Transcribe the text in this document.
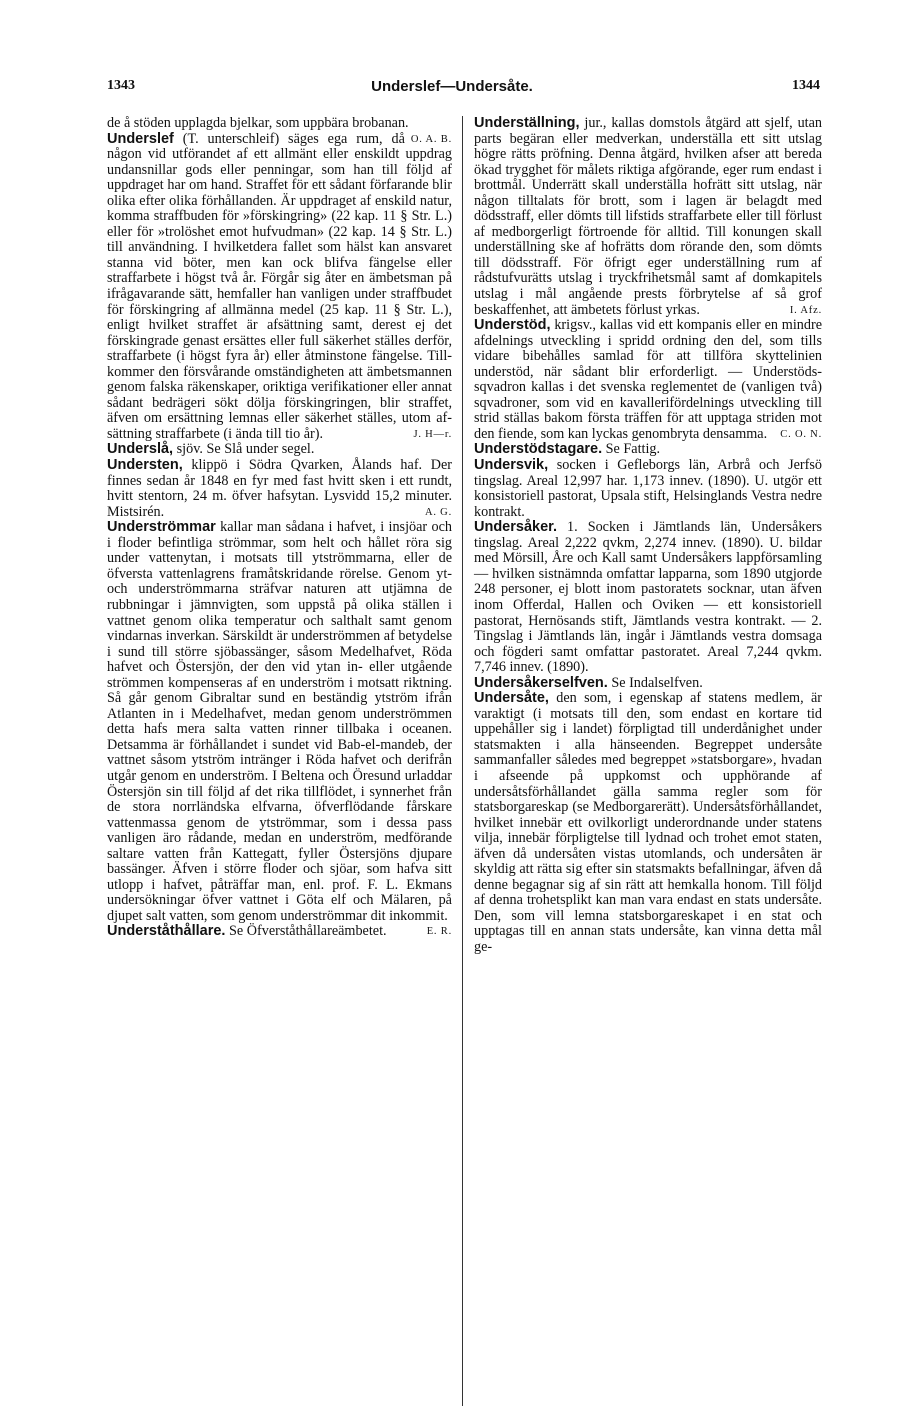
1343	Underslef—Undersåte.	1344

de å stöden upplagda bjelkar, som uppbära brobanan.
O. A. B.

Underslef (T. unterschleif) säges ega rum, då någon vid utförandet af ett allmänt eller enskildt uppdrag undansnillar gods eller penningar, som han till följd af uppdraget har om hand. Straffet för ett sådant förfarande blir olika efter olika förhållanden. Är uppdraget af enskild natur, komma straffbuden för »förskingring» (22 kap. 11 § Str. L.) eller för »trolöshet emot hufvudman» (22 kap. 14 § Str. L.) till användning. I hvilketdera fallet som hälst kan ansvaret stanna vid böter, men kan ock blifva fängelse eller straffarbete i högst två år. Förgår sig åter en ämbetsman på ifrågavarande sätt, hemfaller han vanligen under straffbudet för förskingring af allmänna medel (25 kap. 11 § Str. L.), enligt hvilket straffet är afsättning samt, derest ej det förskingrade genast ersättes eller full säkerhet ställes derför, straffarbete (i högst fyra år) eller åtminstone fängelse. Tillkommer den försvårande omständigheten att ämbetsmannen genom falska räkenskaper, oriktiga verifikationer eller annat sådant bedrägeri sökt dölja förskingringen, blir straffet, äfven om ersättning lemnas eller säkerhet ställes, utom afsättning straffarbete (i ända till tio år).	J. H—r.

Underslå, sjöv. Se Slå under segel.

Understen, klippö i Södra Qvarken, Ålands haf. Der finnes sedan år 1848 en fyr med fast hvitt sken i ett rundt, hvitt stentorn, 24 m. öfver hafsytan. Lysvidd 15,2 minuter. Mistsirén.	A. G.

Underströmmar kallar man sådana i hafvet, i insjöar och i floder befintliga strömmar, som helt och hållet röra sig under vattenytan, i motsats till ytströmmarna, eller de öfversta vattenlagrens framåtskridande rörelse. Genom yt- och underströmmarna sträfvar naturen att utjämna de rubbningar i jämnvigten, som uppstå på olika ställen i vattnet genom olika temperatur och salthalt samt genom vindarnas inverkan. Särskildt är underströmmen af betydelse i sund till större sjöbassänger, såsom Medelhafvet, Röda hafvet och Östersjön, der den vid ytan in- eller utgående strömmen kompenseras af en underström i motsatt riktning. Så går genom Gibraltar sund en beständig ytström ifrån Atlanten in i Medelhafvet, medan genom underströmmen detta hafs mera salta vatten rinner tillbaka i oceanen. Detsamma är förhållandet i sundet vid Bab-el-mandeb, der vattnet såsom ytström intränger i Röda hafvet och derifrån utgår genom en underström. I Beltena och Öresund urladdar Östersjön sin till följd af det rika tillflödet, i synnerhet från de stora norrländska elfvarna, öfverflödande fårskare vattenmassa genom de ytströmmar, som i dessa pass vanligen äro rådande, medan en underström, medförande saltare vatten från Kattegatt, fyller Östersjöns djupare bassänger. Äfven i större floder och sjöar, som hafva sitt utlopp i hafvet, påträffar man, enl. prof. F. L. Ekmans undersökningar öfver vattnet i Göta elf och Mälaren, på djupet salt vatten, som genom underströmmar dit inkommit.
E. R.

Underståthållare. Se Öfverståthållareämbetet.

Underställning, jur., kallas domstols åtgärd att sjelf, utan parts begäran eller medverkan, underställa ett sitt utslag högre rätts pröfning. Denna åtgärd, hvilken afser att bereda ökad trygghet för målets riktiga afgörande, eger rum endast i brottmål. Underrätt skall underställa hofrätt sitt utslag, när någon tilltalats för brott, som i lagen är belagdt med dödsstraff, eller dömts till lifstids straffarbete eller till förlust af medborgerligt förtroende för alltid. Till konungen skall underställning ske af hofrätts dom rörande den, som dömts till dödsstraff. För öfrigt eger underställning rum af rådstufvurätts utslag i tryckfrihetsmål samt af domkapitels utslag i mål angående prests förbrytelse af så grof beskaffenhet, att ämbetets förlust yrkas.	I. Afz.

Understöd, krigsv., kallas vid ett kompanis eller en mindre afdelnings utveckling i spridd ordning den del, som tills vidare bibehålles samlad för att tillföra skyttelinien understöd, när sådant blir erforderligt. — Understödssqvadron kallas i det svenska reglementet de (vanligen två) sqvadroner, som vid en kavallerifördelnings utveckling till strid ställas bakom första träffen för att upptaga striden mot den fiende, som kan lyckas genombryta densamma.	C. O. N.

Understödstagare. Se Fattig.

Undersvik, socken i Gefleborgs län, Arbrå och Jerfsö tingslag. Areal 12,997 har. 1,173 innev. (1890). U. utgör ett konsistoriell pastorat, Upsala stift, Helsinglands Vestra nedre kontrakt.

Undersåker. 1. Socken i Jämtlands län, Undersåkers tingslag. Areal 2,222 qvkm, 2,274 innev. (1890). U. bildar med Mörsill, Åre och Kall samt Undersåkers lappförsamling — hvilken sistnämnda omfattar lapparna, som 1890 utgjorde 248 personer, ej blott inom pastoratets socknar, utan äfven inom Offerdal, Hallen och Oviken — ett konsistoriell pastorat, Hernösands stift, Jämtlands vestra kontrakt. — 2. Tingslag i Jämtlands län, ingår i Jämtlands vestra domsaga och fögderi samt omfattar pastoratet. Areal 7,244 qvkm. 7,746 innev. (1890).

Undersåkerselfven. Se Indalselfven.

Undersåte, den som, i egenskap af statens medlem, är varaktigt (i motsats till den, som endast en kortare tid uppehåller sig i landet) förpligtad till underdånighet under statsmakten i alla hänseenden. Begreppet undersåte sammanfaller således med begreppet »statsborgare», hvadan i afseende på uppkomst och upphörande af undersåtsförhållandet gälla samma regler som för statsborgareskap (se Medborgarerätt). Undersåtsförhållandet, hvilket innebär ett ovilkorligt underordnande under statens vilja, innebär förpligtelse till lydnad och trohet emot staten, äfven då undersåten vistas utomlands, och undersåten är skyldig att rätta sig efter sin statsmakts befallningar, äfven då denne begagnar sig af sin rätt att hemkalla honom. Till följd af denna trohetsplikt kan man vara endast en stats undersåte. Den, som vill lemna statsborgareskapet i en stat och upptagas till en annan stats undersåte, kan vinna detta mål ge-
